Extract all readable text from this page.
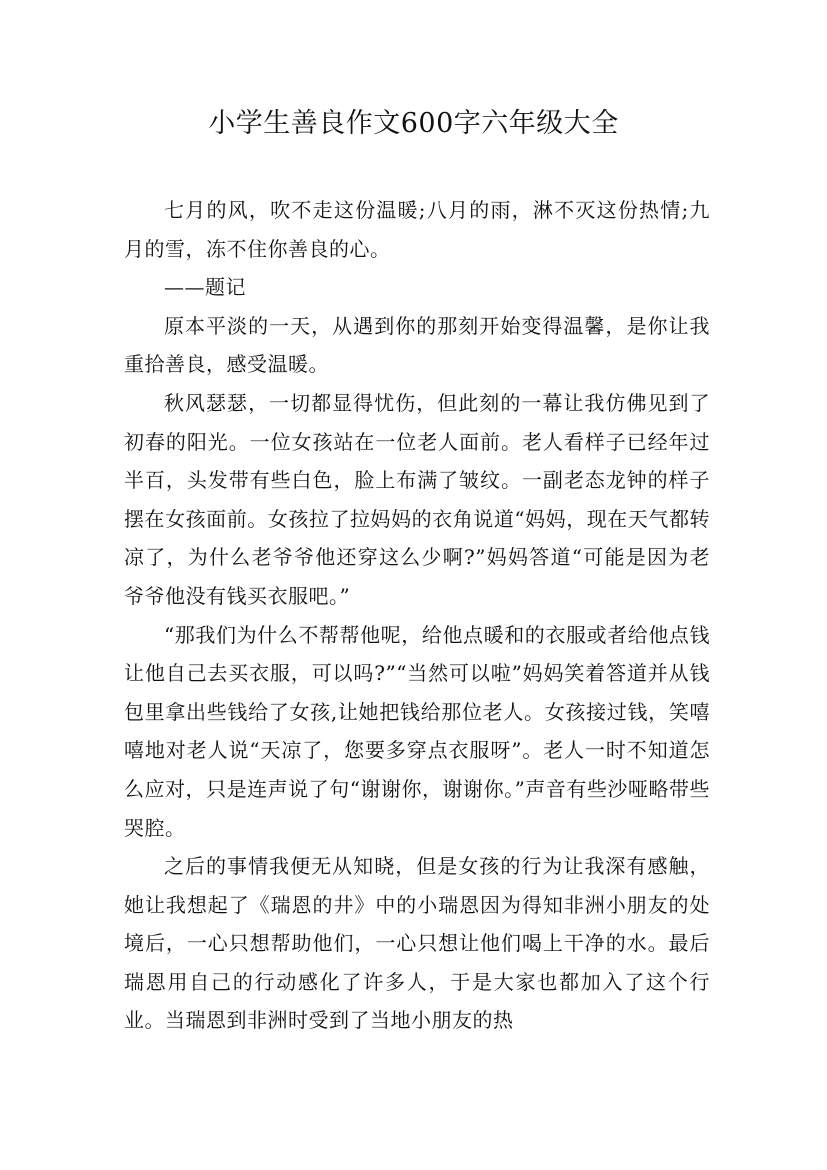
小学生善良作文600字六年级大全

七月的风，吹不走这份温暖;八月的雨，淋不灭这份热情;九月的雪，冻不住你善良的心。

——题记

原本平淡的一天，从遇到你的那刻开始变得温馨，是你让我重拾善良，感受温暖。

秋风瑟瑟，一切都显得忧伤，但此刻的一幕让我仿佛见到了初春的阳光。一位女孩站在一位老人面前。老人看样子已经年过半百，头发带有些白色，脸上布满了皱纹。一副老态龙钟的样子摆在女孩面前。女孩拉了拉妈妈的衣角说道“妈妈，现在天气都转凉了，为什么老爷爷他还穿这么少啊?”妈妈答道“可能是因为老爷爷他没有钱买衣服吧。”

“那我们为什么不帮帮他呢，给他点暖和的衣服或者给他点钱让他自己去买衣服，可以吗?”“当然可以啦”妈妈笑着答道并从钱包里拿出些钱给了女孩,让她把钱给那位老人。女孩接过钱，笑嘻嘻地对老人说“天凉了，您要多穿点衣服呀”。老人一时不知道怎么应对，只是连声说了句“谢谢你，谢谢你。”声音有些沙哑略带些哭腔。

之后的事情我便无从知晓，但是女孩的行为让我深有感触，她让我想起了《瑞恩的井》中的小瑞恩因为得知非洲小朋友的处境后，一心只想帮助他们，一心只想让他们喝上干净的水。最后瑞恩用自己的行动感化了许多人，于是大家也都加入了这个行业。当瑞恩到非洲时受到了当地小朋友的热
